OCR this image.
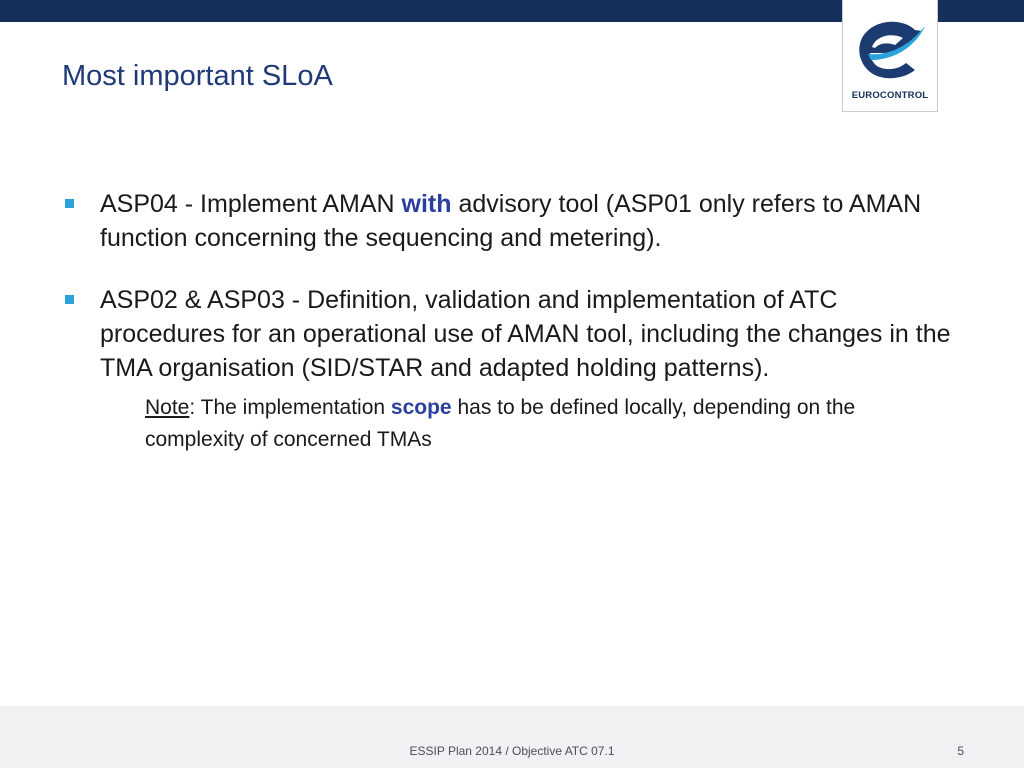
EUROCONTROL
Most important SLoA
ASP04 - Implement AMAN with advisory tool (ASP01 only refers to AMAN function concerning the sequencing and metering).
ASP02 & ASP03 - Definition, validation and implementation of ATC procedures for an operational use of AMAN tool, including the changes in the TMA organisation (SID/STAR and adapted holding patterns).
Note: The implementation scope has to be defined locally, depending on the complexity of concerned TMAs
ESSIP Plan 2014 / Objective ATC 07.1	5
